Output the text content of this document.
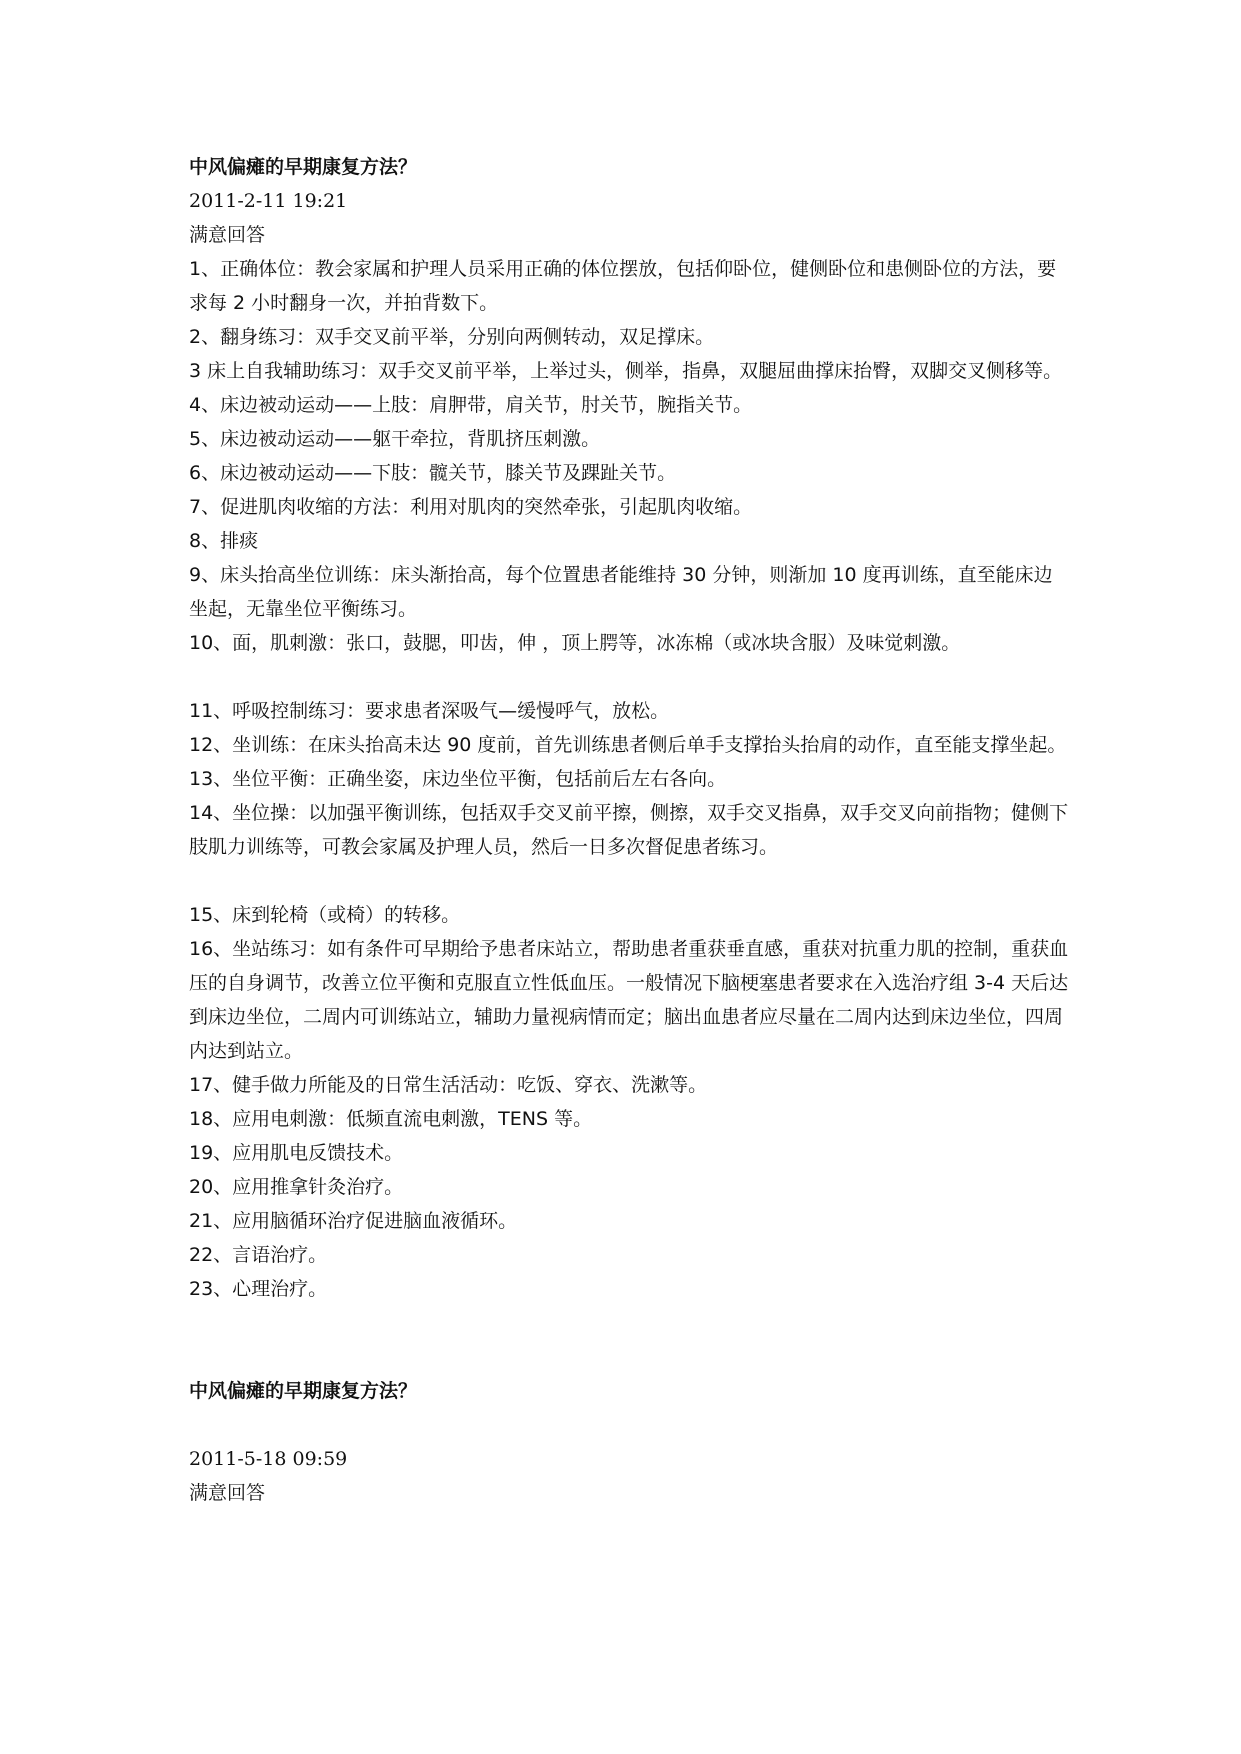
中风偏瘫的早期康复方法？
2011-2-11 19:21
满意回答
1、正确体位：教会家属和护理人员采用正确的体位摆放，包括仰卧位，健侧卧位和患侧卧位的方法，要求每 2 小时翻身一次，并拍背数下。
2、翻身练习：双手交叉前平举，分别向两侧转动，双足撑床。
3 床上自我辅助练习：双手交叉前平举，上举过头，侧举，指鼻，双腿屈曲撑床抬臀，双脚交叉侧移等。
4、床边被动运动——上肢：肩胛带，肩关节，肘关节，腕指关节。
5、床边被动运动——躯干牵拉，背肌挤压刺激。
6、床边被动运动——下肢：髋关节，膝关节及踝趾关节。
7、促进肌肉收缩的方法：利用对肌肉的突然牵张，引起肌肉收缩。
8、排痰
9、床头抬高坐位训练：床头渐抬高，每个位置患者能维持 30 分钟，则渐加 10 度再训练，直至能床边坐起，无靠坐位平衡练习。
10、面，肌刺激：张口，鼓腮，叩齿，伸 ，顶上腭等，冰冻棉（或冰块含服）及味觉刺激。
11、呼吸控制练习：要求患者深吸气—缓慢呼气，放松。
12、坐训练：在床头抬高未达 90 度前，首先训练患者侧后单手支撑抬头抬肩的动作，直至能支撑坐起。
13、坐位平衡：正确坐姿，床边坐位平衡，包括前后左右各向。
14、坐位操：以加强平衡训练，包括双手交叉前平擦，侧擦，双手交叉指鼻，双手交叉向前指物；健侧下肢肌力训练等，可教会家属及护理人员，然后一日多次督促患者练习。
15、床到轮椅（或椅）的转移。
16、坐站练习：如有条件可早期给予患者床站立，帮助患者重获垂直感，重获对抗重力肌的控制，重获血压的自身调节，改善立位平衡和克服直立性低血压。一般情况下脑梗塞患者要求在入选治疗组 3-4 天后达到床边坐位，二周内可训练站立，辅助力量视病情而定；脑出血患者应尽量在二周内达到床边坐位，四周内达到站立。
17、健手做力所能及的日常生活活动：吃饭、穿衣、洗漱等。
18、应用电刺激：低频直流电刺激，TENS 等。
19、应用肌电反馈技术。
20、应用推拿针灸治疗。
21、应用脑循环治疗促进脑血液循环。
22、言语治疗。
23、心理治疗。
中风偏瘫的早期康复方法？
2011-5-18 09:59
满意回答
